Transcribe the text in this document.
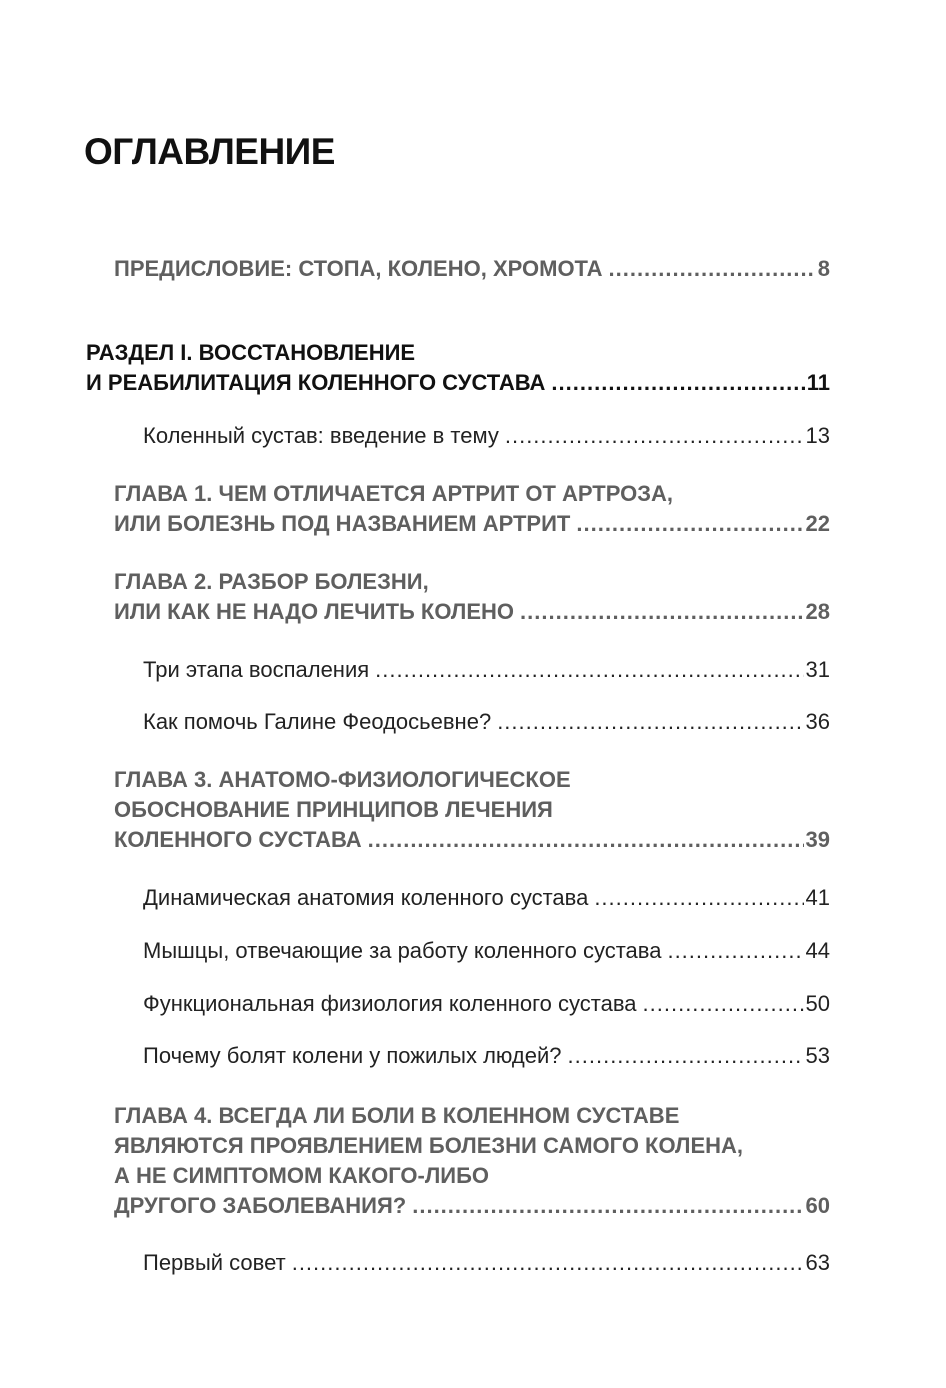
ОГЛАВЛЕНИЕ
ПРЕДИСЛОВИЕ: СТОПА, КОЛЕНО, ХРОМОТА .....	8
РАЗДЕЛ I. ВОССТАНОВЛЕНИЕ
И РЕАБИЛИТАЦИЯ КОЛЕННОГО СУСТАВА .....	11
Коленный сустав: введение в тему .....	13
ГЛАВА 1. ЧЕМ ОТЛИЧАЕТСЯ АРТРИТ ОТ АРТРОЗА,
ИЛИ БОЛЕЗНЬ ПОД НАЗВАНИЕМ АРТРИТ .....	22
ГЛАВА 2. РАЗБОР БОЛЕЗНИ,
ИЛИ КАК НЕ НАДО ЛЕЧИТЬ КОЛЕНО .....	28
Три этапа воспаления .....	31
Как помочь Галине Феодосьевне? .....	36
ГЛАВА 3. АНАТОМО-ФИЗИОЛОГИЧЕСКОЕ
ОБОСНОВАНИЕ ПРИНЦИПОВ ЛЕЧЕНИЯ
КОЛЕННОГО СУСТАВА .....	39
Динамическая анатомия коленного сустава .....	41
Мышцы, отвечающие за работу коленного сустава .....	44
Функциональная физиология коленного сустава .....	50
Почему болят колени у пожилых людей? .....	53
ГЛАВА 4. ВСЕГДА ЛИ БОЛИ В КОЛЕННОМ СУСТАВЕ
ЯВЛЯЮТСЯ ПРОЯВЛЕНИЕМ БОЛЕЗНИ САМОГО КОЛЕНА,
А НЕ СИМПТОМОМ КАКОГО-ЛИБО
ДРУГОГО ЗАБОЛЕВАНИЯ? .....	60
Первый совет .....	63
